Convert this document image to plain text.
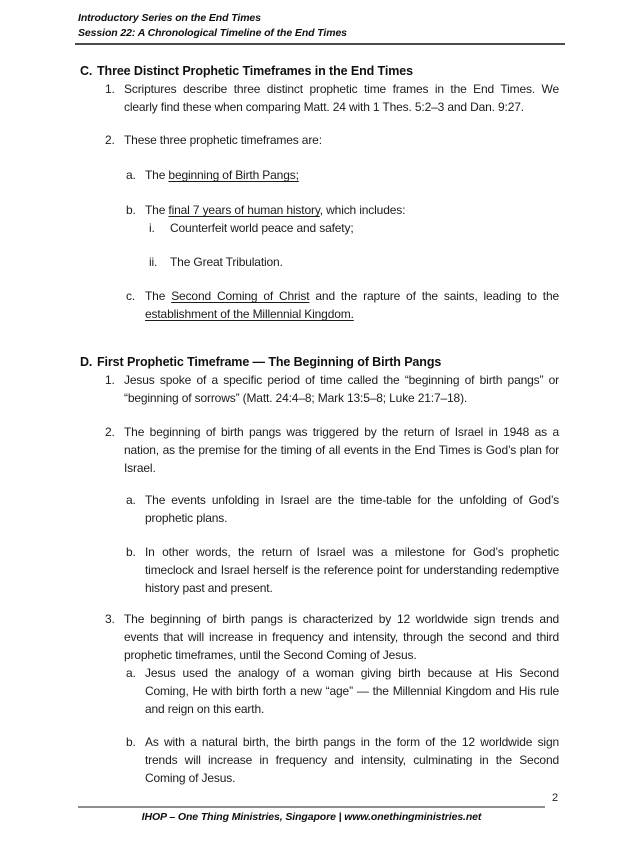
Introductory Series on the End Times
Session 22: A Chronological Timeline of the End Times
C. Three Distinct Prophetic Timeframes in the End Times
1. Scriptures describe three distinct prophetic time frames in the End Times. We clearly find these when comparing Matt. 24 with 1 Thes. 5:2–3 and Dan. 9:27.
2. These three prophetic timeframes are:
a. The beginning of Birth Pangs;
b. The final 7 years of human history, which includes:
i.	Counterfeit world peace and safety;
ii.	The Great Tribulation.
c. The Second Coming of Christ and the rapture of the saints, leading to the establishment of the Millennial Kingdom.
D. First Prophetic Timeframe — The Beginning of Birth Pangs
1. Jesus spoke of a specific period of time called the “beginning of birth pangs” or “beginning of sorrows” (Matt. 24:4–8; Mark 13:5–8; Luke 21:7–18).
2. The beginning of birth pangs was triggered by the return of Israel in 1948 as a nation, as the premise for the timing of all events in the End Times is God’s plan for Israel.
a. The events unfolding in Israel are the time-table for the unfolding of God’s prophetic plans.
b. In other words, the return of Israel was a milestone for God’s prophetic timeclock and Israel herself is the reference point for understanding redemptive history past and present.
3. The beginning of birth pangs is characterized by 12 worldwide sign trends and events that will increase in frequency and intensity, through the second and third prophetic timeframes, until the Second Coming of Jesus.
a. Jesus used the analogy of a woman giving birth because at His Second Coming, He with birth forth a new “age” — the Millennial Kingdom and His rule and reign on this earth.
b. As with a natural birth, the birth pangs in the form of the 12 worldwide sign trends will increase in frequency and intensity, culminating in the Second Coming of Jesus.
2
IHOP – One Thing Ministries, Singapore | www.onethingministries.net
